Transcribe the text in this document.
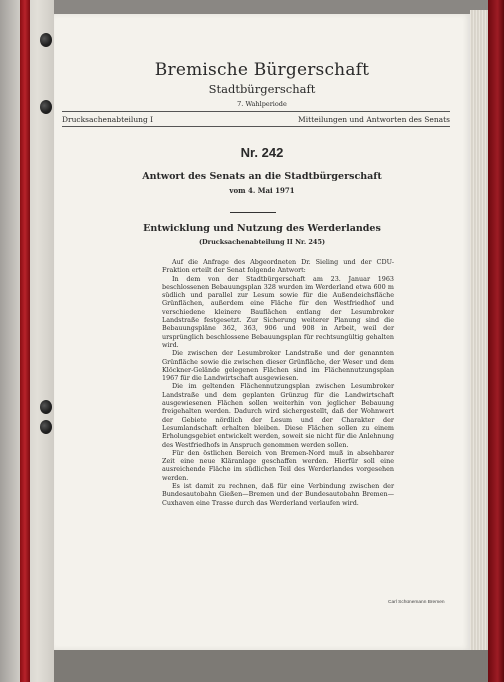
Bremische Bürgerschaft
Stadtbürgerschaft
7. Wahlperiode
Drucksachenabteilung I	Mitteilungen und Antworten des Senats
Nr. 242
Antwort des Senats an die Stadtbürgerschaft
vom 4. Mai 1971
Entwicklung und Nutzung des Werderlandes
(Drucksachenabteilung II Nr. 245)

Auf die Anfrage des Abgeordneten Dr. Sieling und der CDU-Fraktion erteilt der Senat folgende Antwort:

In dem von der Stadtbürgerschaft am 23. Januar 1963 beschlossenen Bebauungsplan 328 wurden im Werderland etwa 600 m südlich und parallel zur Lesum sowie für die Außendeichsfläche Grünflächen, außerdem eine Fläche für den Westfriedhof und verschiedene kleinere Bauflächen entlang der Lesumbroker Landstraße festgesetzt. Zur Sicherung weiterer Planung sind die Bebauungspläne 362, 363, 906 und 908 in Arbeit, weil der ursprünglich beschlossene Bebauungsplan für rechtsungültig gehalten wird.

Die zwischen der Lesumbroker Landstraße und der genannten Grünfläche sowie die zwischen dieser Grünfläche, der Weser und dem Klöckner-Gelände gelegenen Flächen sind im Flächennutzungsplan 1967 für die Landwirtschaft ausgewiesen.

Die im geltenden Flächennutzungsplan zwischen Lesumbroker Landstraße und dem geplanten Grünzug für die Landwirtschaft ausgewiesenen Flächen sollen weiterhin von jeglicher Bebauung freigehalten werden. Dadurch wird sichergestellt, daß der Wohnwert der Gebiete nördlich der Lesum und der Charakter der Lesumlandschaft erhalten bleiben. Diese Flächen sollen zu einem Erholungsgebiet entwickelt werden, soweit sie nicht für die Anlehnung des Westfriedhofs in Anspruch genommen werden sollen.

Für den östlichen Bereich von Bremen-Nord muß in absehbarer Zeit eine neue Kläranlage geschaffen werden. Hierfür soll eine ausreichende Fläche im südlichen Teil des Werderlandes vorgesehen werden.

Es ist damit zu rechnen, daß für eine Verbindung zwischen der Bundesautobahn Gießen—Bremen und der Bundesautobahn Bremen—Cuxhaven eine Trasse durch das Werderland verlaufen wird.

Carl Schünemann Bremen
